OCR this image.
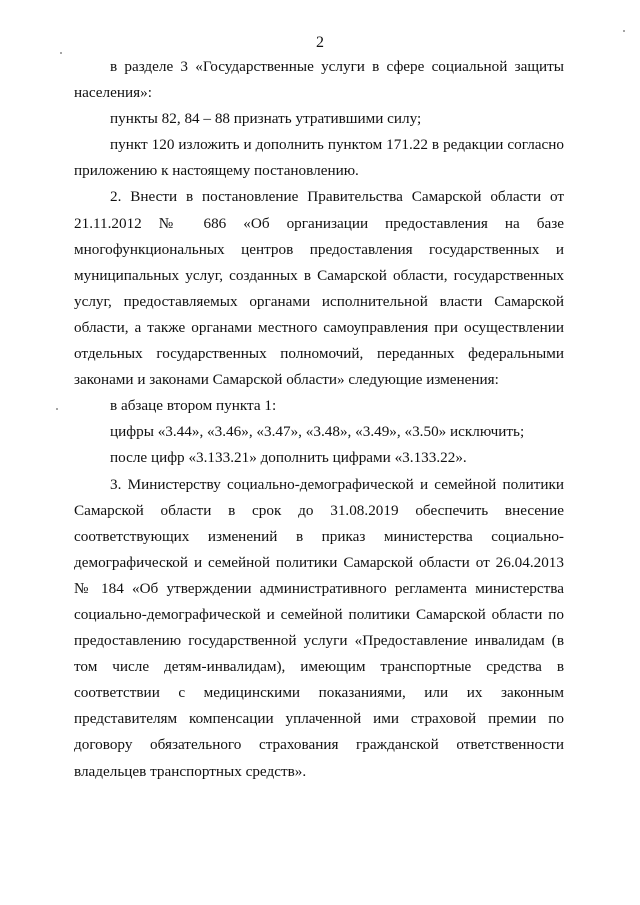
2

в разделе 3 «Государственные услуги в сфере социальной защиты населения»:

пункты 82, 84 – 88 признать утратившими силу;

пункт 120 изложить и дополнить пунктом 171.22 в редакции согласно приложению к настоящему постановлению.

2. Внести в постановление Правительства Самарской области от 21.11.2012 № 686 «Об организации предоставления на базе многофункциональных центров предоставления государственных и муниципальных услуг, созданных в Самарской области, государственных услуг, предоставляемых органами исполнительной власти Самарской области, а также органами местного самоуправления при осуществлении отдельных государственных полномочий, переданных федеральными законами и законами Самарской области» следующие изменения:

в абзаце втором пункта 1:

цифры «3.44», «3.46», «3.47», «3.48», «3.49», «3.50» исключить;

после цифр «3.133.21» дополнить цифрами «3.133.22».

3. Министерству социально-демографической и семейной политики Самарской области в срок до 31.08.2019 обеспечить внесение соответствующих изменений в приказ министерства социально-демографической и семейной политики Самарской области от 26.04.2013 № 184 «Об утверждении административного регламента министерства социально-демографической и семейной политики Самарской области по предоставлению государственной услуги «Предоставление инвалидам (в том числе детям-инвалидам), имеющим транспортные средства в соответствии с медицинскими показаниями, или их законным представителям компенсации уплаченной ими страховой премии по договору обязательного страхования гражданской ответственности владельцев транспортных средств».
